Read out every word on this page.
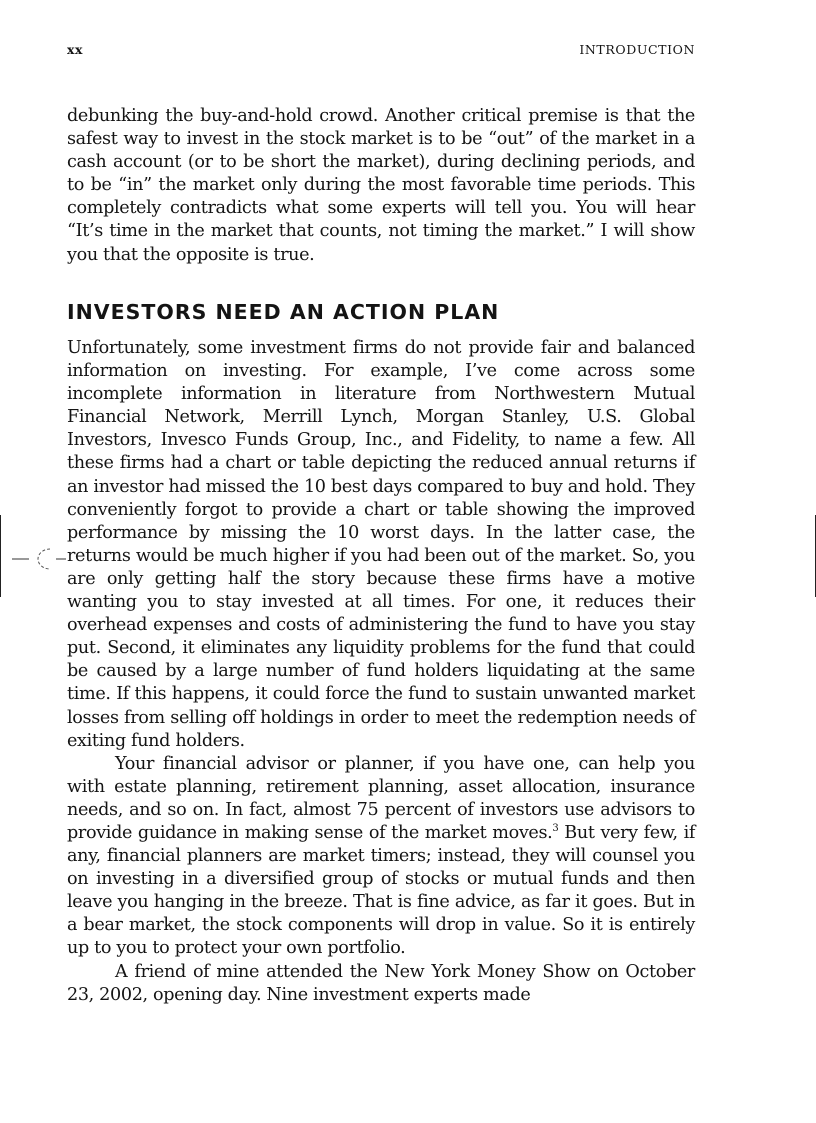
xx	INTRODUCTION

debunking the buy-and-hold crowd. Another critical premise is that the safest way to invest in the stock market is to be “out” of the market in a cash account (or to be short the market), during declining periods, and to be “in” the market only during the most favorable time periods. This completely contradicts what some experts will tell you. You will hear “It’s time in the market that counts, not timing the market.” I will show you that the opposite is true.

INVESTORS NEED AN ACTION PLAN

Unfortunately, some investment firms do not provide fair and balanced information on investing. For example, I’ve come across some incomplete information in literature from Northwestern Mutual Financial Network, Merrill Lynch, Morgan Stanley, U.S. Global Investors, Invesco Funds Group, Inc., and Fidelity, to name a few. All these firms had a chart or table depicting the reduced annual returns if an investor had missed the 10 best days compared to buy and hold. They conveniently forgot to provide a chart or table showing the improved performance by missing the 10 worst days. In the latter case, the returns would be much higher if you had been out of the market. So, you are only getting half the story because these firms have a motive wanting you to stay invested at all times. For one, it reduces their overhead expenses and costs of administering the fund to have you stay put. Second, it eliminates any liquidity problems for the fund that could be caused by a large number of fund holders liquidating at the same time. If this happens, it could force the fund to sustain unwanted market losses from selling off holdings in order to meet the redemption needs of exiting fund holders.

Your financial advisor or planner, if you have one, can help you with estate planning, retirement planning, asset allocation, insurance needs, and so on. In fact, almost 75 percent of investors use advisors to provide guidance in making sense of the market moves.$^3$ But very few, if any, financial planners are market timers; instead, they will counsel you on investing in a diversified group of stocks or mutual funds and then leave you hanging in the breeze. That is fine advice, as far it goes. But in a bear market, the stock components will drop in value. So it is entirely up to you to protect your own portfolio.

A friend of mine attended the New York Money Show on October 23, 2002, opening day. Nine investment experts made
